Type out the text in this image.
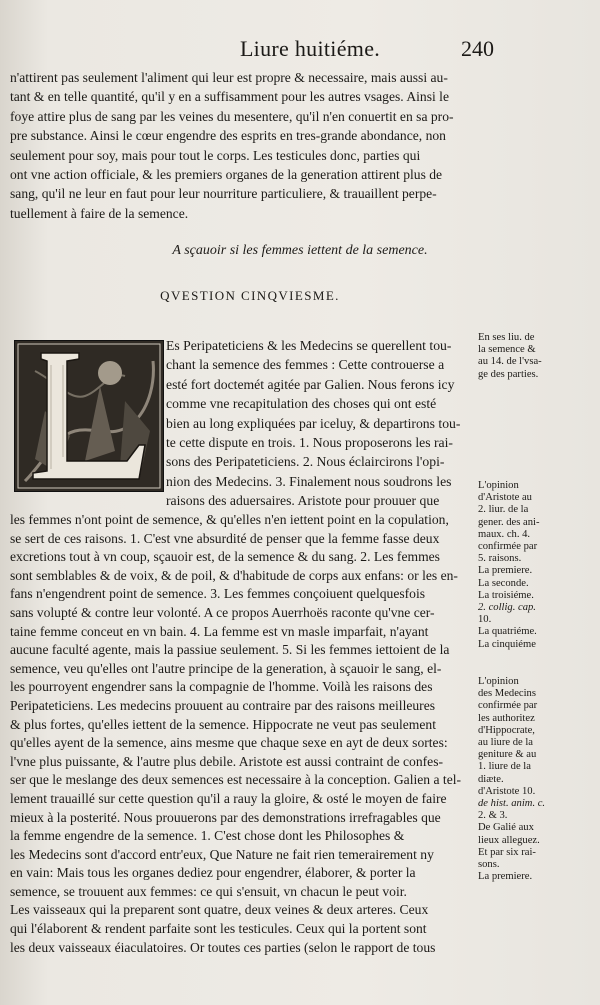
Liure huitiéme.	240
n'attirent pas seulement l'aliment qui leur est propre & necessaire, mais aussi au-
tant & en telle quantité, qu'il y en a suffisamment pour les autres vsages. Ainsi le
foye attire plus de sang par les veines du mesentere, qu'il n'en conuertit en sa pro-
pre substance. Ainsi le cœur engendre des esprits en tres-grande abondance, non
seulement pour soy, mais pour tout le corps. Les testicules donc, parties qui
ont vne action officiale, & les premiers organes de la generation attirent plus de
sang, qu'il ne leur en faut pour leur nourriture particuliere, & trauaillent perpe-
tuellement à faire de la semence.
A sçauoir si les femmes iettent de la semence.
QVESTION CINQVIESME.
Es Peripateticiens & les Medecins se querellent tou-
chant la semence des femmes : Cette controuerse a
esté fort doctemét agitée par Galien. Nous ferons icy
comme vne recapitulation des choses qui ont esté
bien au long expliquées par iceluy, & departirons tou-
te cette dispute en trois. 1. Nous proposerons les rai-
sons des Peripateticiens. 2. Nous éclaircirons l'opi-
nion des Medecins. 3. Finalement nous soudrons les
raisons des aduersaires. Aristote pour prouuer que
les femmes n'ont point de semence, & qu'elles n'en iettent point en la copulation,
se sert de ces raisons. 1. C'est vne absurdité de penser que la femme fasse deux
excretions tout à vn coup, sçauoir est, de la semence & du sang. 2. Les femmes
sont semblables & de voix, & de poil, & d'habitude de corps aux enfans: or les en-
fans n'engendrent point de semence. 3. Les femmes conçoiuent quelquesfois
sans volupté & contre leur volonté. A ce propos Auerrhoës raconte qu'vne cer-
taine femme conceut en vn bain. 4. La femme est vn masle imparfait, n'ayant
aucune faculté agente, mais la passiue seulement. 5. Si les femmes iettoient de la
semence, veu qu'elles ont l'autre principe de la generation, à sçauoir le sang, el-
les pourroyent engendrer sans la compagnie de l'homme. Voilà les raisons des
Peripateticiens. Les medecins prouuent au contraire par des raisons meilleures
& plus fortes, qu'elles iettent de la semence. Hippocrate ne veut pas seulement
qu'elles ayent de la semence, ains mesme que chaque sexe en ayt de deux sortes:
l'vne plus puissante, & l'autre plus debile. Aristote est aussi contraint de confes-
ser que le meslange des deux semences est necessaire à la conception. Galien a tel-
lement trauaillé sur cette question qu'il a rauy la gloire, & osté le moyen de faire
mieux à la posterité. Nous prouuerons par des demonstrations irrefragables que
la femme engendre de la semence. 1. C'est chose dont les Philosophes &
les Medecins sont d'accord entr'eux, Que Nature ne fait rien temerairement ny
en vain: Mais tous les organes dediez pour engendrer, élaborer, & porter la
semence, se trouuent aux femmes: ce qui s'ensuit, vn chacun le peut voir.
Les vaisseaux qui la preparent sont quatre, deux veines & deux arteres. Ceux
qui l'élaborent & rendent parfaite sont les testicules. Ceux qui la portent sont
les deux vaisseaux éiaculatoires. Or toutes ces parties (selon le rapport de tous
En ses liu. de
la semence &
au 14. de l'vsa-
ge des parties.
L'opinion
d'Aristote au
2. liur. de la
gener. des ani-
maux. ch. 4.
confirmée par
5. raisons.
La premiere.
La seconde.
La troisiéme.
2. collig. cap.
10.
La quatriéme.
La cinquiéme
L'opinion
des Medecins
confirmée par
les authoritez
d'Hippocrate,
au liure de la
geniture & au
1. liure de la
diæte.
d'Aristote 10.
de hist. anim. c.
2. & 3.
De Galié aux
lieux alleguez.
Et par six rai-
sons.
La premiere.
